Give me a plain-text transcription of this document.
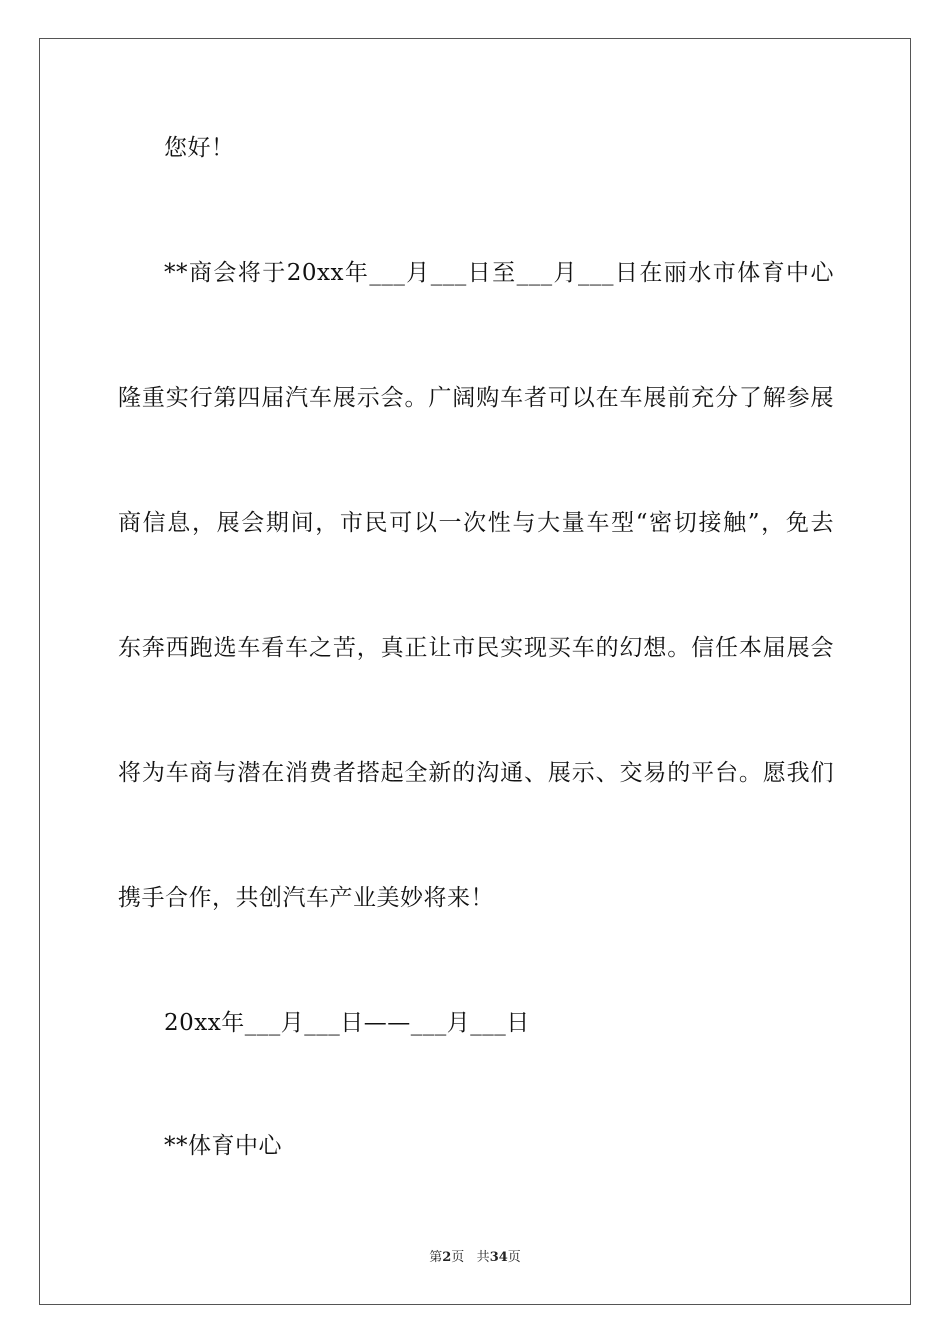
您好！
**商会将于20xx年___月___日至___月___日在丽水市体育中心
隆重实行第四届汽车展示会。广阔购车者可以在车展前充分了解参展
商信息，展会期间，市民可以一次性与大量车型“密切接触”，免去
东奔西跑选车看车之苦，真正让市民实现买车的幻想。信任本届展会
将为车商与潜在消费者搭起全新的沟通、展示、交易的平台。愿我们
携手合作，共创汽车产业美妙将来！
20xx年___月___日——___月___日
**体育中心
第2页 共34页
